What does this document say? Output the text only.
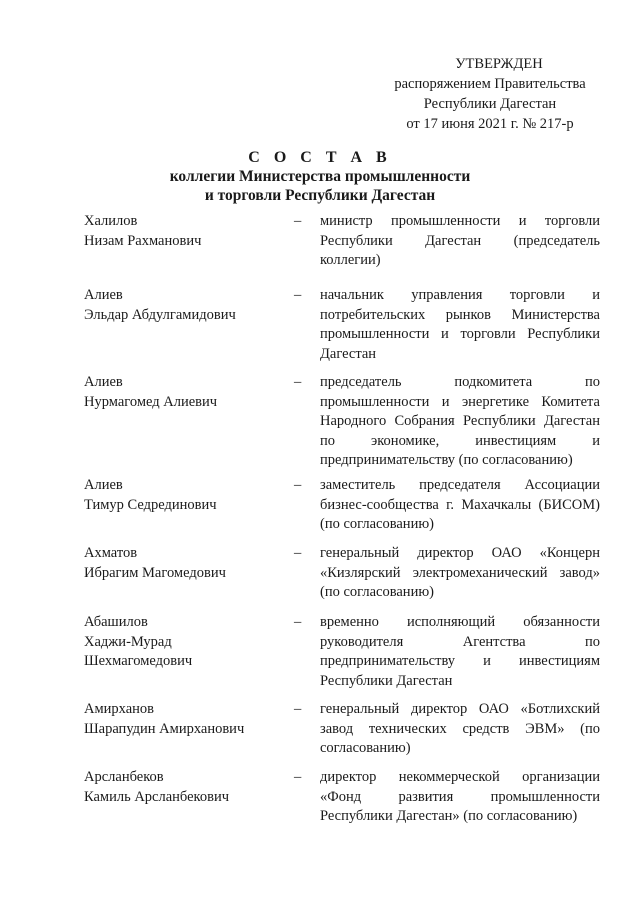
УТВЕРЖДЕН
распоряжением Правительства
Республики Дагестан
от 17 июня 2021 г. № 217-р
С О С Т А В
коллегии Министерства промышленности
и торговли Республики Дагестан
Халилов
Низам Рахманович
– министр промышленности и торговли Республики Дагестан (председатель коллегии)
Алиев
Эльдар Абдулгамидович
– начальник управления торговли и потребительских рынков Министерства промышленности и торговли Республики Дагестан
Алиев
Нурмагомед Алиевич
– председатель подкомитета по промышленности и энергетике Комитета Народного Собрания Республики Дагестан по экономике, инвестициям и предпринимательству (по согласованию)
Алиев
Тимур Седрединович
– заместитель председателя Ассоциации бизнес-сообщества г. Махачкалы (БИСОМ) (по согласованию)
Ахматов
Ибрагим Магомедович
– генеральный директор ОАО «Концерн «Кизлярский электромеханический завод» (по согласованию)
Абашилов
Хаджи-Мурад
Шехмагомедович
– временно исполняющий обязанности руководителя Агентства по предпринимательству и инвестициям Республики Дагестан
Амирханов
Шарапудин Амирханович
– генеральный директор ОАО «Ботлихский завод технических средств ЭВМ» (по согласованию)
Арсланбеков
Камиль Арсланбекович
– директор некоммерческой организации «Фонд развития промышленности Республики Дагестан» (по согласованию)
